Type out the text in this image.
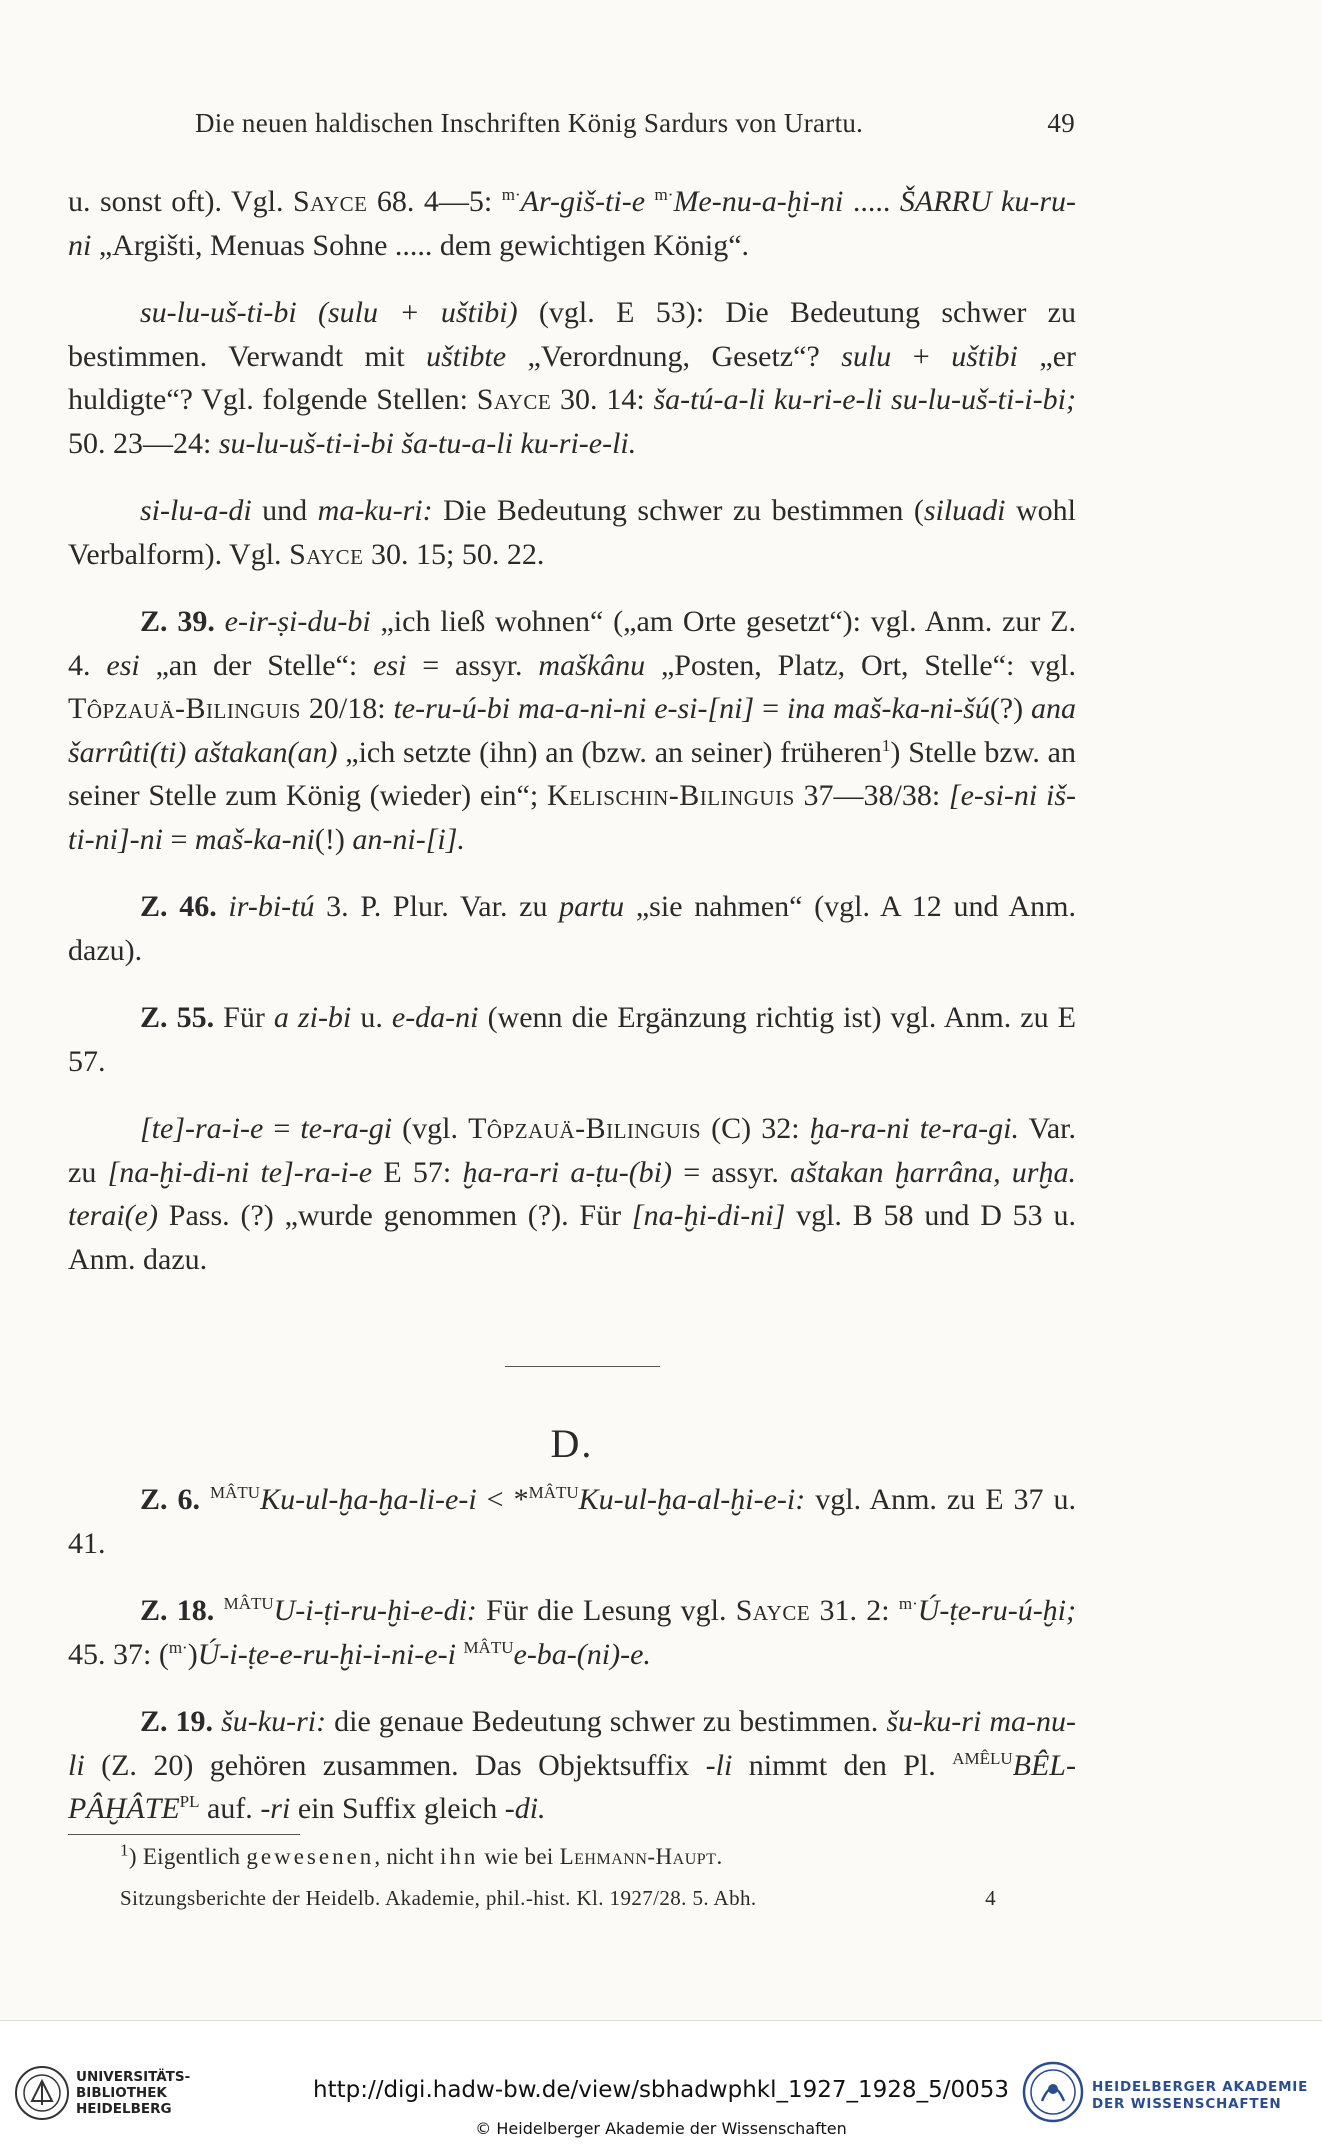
Die neuen haldischen Inschriften König Sardurs von Urartu.	49

u. sonst oft). Vgl. Sayce 68. 4—5: $^{m\cdot}$Ar-giš-ti-e $^{m\cdot}$Me-nu-a-ḫi-ni ..... ŠARRU ku-ru-ni „Argišti, Menuas Sohne ..... dem gewichtigen König“.

su-lu-uš-ti-bi (sulu + uštibi) (vgl. E 53): Die Bedeutung schwer zu bestimmen. Verwandt mit uštibte „Verordnung, Gesetz“? sulu + uštibi „er huldigte“? Vgl. folgende Stellen: Sayce 30. 14: ša-tú-a-li ku-ri-e-li su-lu-uš-ti-i-bi; 50. 23—24: su-lu-uš-ti-i-bi ša-tu-a-li ku-ri-e-li.

si-lu-a-di und ma-ku-ri: Die Bedeutung schwer zu bestimmen (siluadi wohl Verbalform). Vgl. Sayce 30. 15; 50. 22.

Z. 39. e-ir-ṣi-du-bi „ich ließ wohnen“ („am Orte gesetzt“): vgl. Anm. zur Z. 4. esi „an der Stelle“: esi = assyr. maškânu „Posten, Platz, Ort, Stelle“: vgl. Tôpzauä-Bilinguis 20/18: te-ru-ú-bi ma-a-ni-ni e-si-[ni] = ina maš-ka-ni-šú(?) ana šarrûti(ti) aštakan(an) „ich setzte (ihn) an (bzw. an seiner) früheren$^1$) Stelle bzw. an seiner Stelle zum König (wieder) ein“; Kelischin-Bilinguis 37—38/38: [e-si-ni iš-ti-ni]-ni = maš-ka-ni(!) an-ni-[i].

Z. 46. ir-bi-tú 3. P. Plur. Var. zu partu „sie nahmen“ (vgl. A 12 und Anm. dazu).

Z. 55. Für a zi-bi u. e-da-ni (wenn die Ergänzung richtig ist) vgl. Anm. zu E 57.

[te]-ra-i-e = te-ra-gi (vgl. Tôpzauä-Bilinguis (C) 32: ḫa-ra-ni te-ra-gi. Var. zu [na-ḫi-di-ni te]-ra-i-e E 57: ḫa-ra-ri a-ṭu-(bi) = assyr. aštakan ḫarrâna, urḫa. terai(e) Pass. (?) „wurde genommen (?). Für [na-ḫi-di-ni] vgl. B 58 und D 53 u. Anm. dazu.

D.

Z. 6. $^{MÂTU}$Ku-ul-ḫa-ḫa-li-e-i < *$^{MÂTU}$Ku-ul-ḫa-al-ḫi-e-i: vgl. Anm. zu E 37 u. 41.

Z. 18. $^{MÂTU}$U-i-ṭi-ru-ḫi-e-di: Für die Lesung vgl. Sayce 31. 2: $^{m\cdot}$Ú-ṭe-ru-ú-ḫi; 45. 37: ($^{m\cdot}$)Ú-i-ṭe-e-ru-ḫi-i-ni-e-i $^{MÂTU}$e-ba-(ni)-e.

Z. 19. šu-ku-ri: die genaue Bedeutung schwer zu bestimmen. šu-ku-ri ma-nu-li (Z. 20) gehören zusammen. Das Objektsuffix -li nimmt den Pl. $^{AMÊLU}$BÊL-PÂḪÂTE$^{PL}$ auf. -ri ein Suffix gleich -di.

$^1$) Eigentlich gewesenen, nicht ihn wie bei Lehmann-Haupt.
Sitzungsberichte der Heidelb. Akademie, phil.-hist. Kl. 1927/28. 5. Abh.	4
UNIVERSITÄTS-
BIBLIOTHEK
HEIDELBERG
http://digi.hadw-bw.de/view/sbhadwphkl_1927_1928_5/0053
© Heidelberger Akademie der Wissenschaften
HEIDELBERGER AKADEMIE
DER WISSENSCHAFTEN
